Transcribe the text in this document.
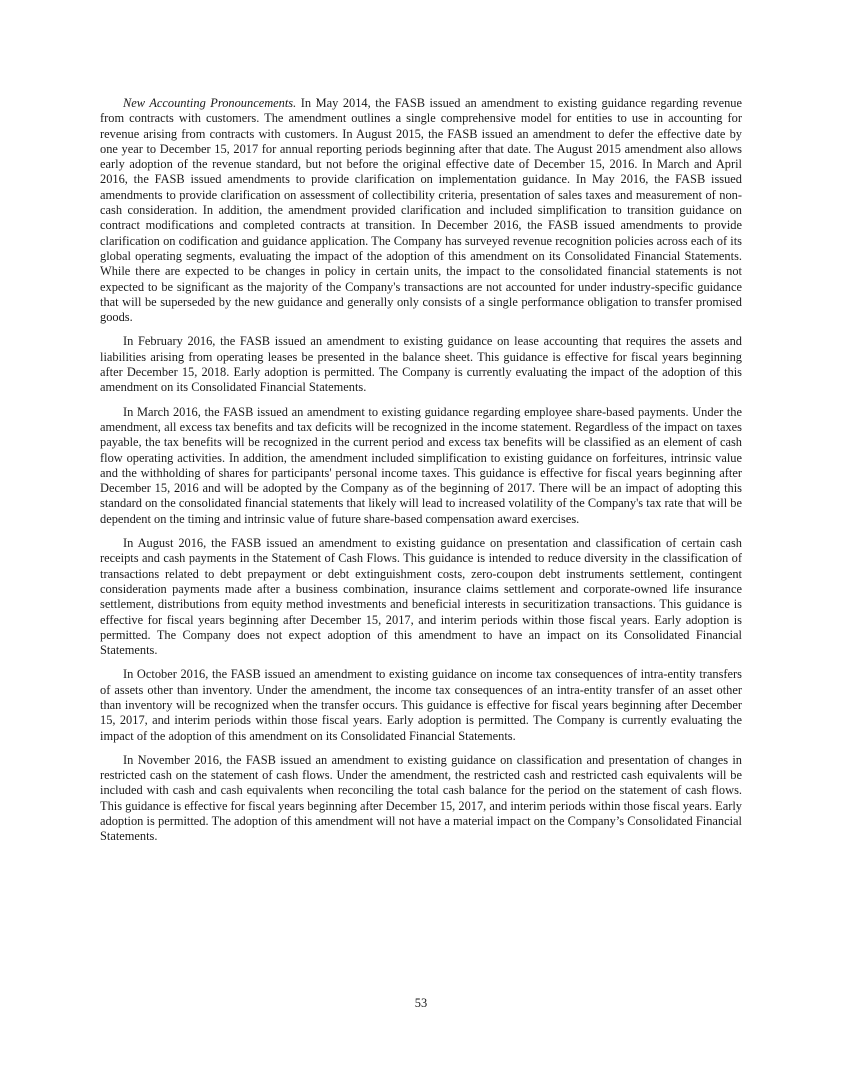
New Accounting Pronouncements. In May 2014, the FASB issued an amendment to existing guidance regarding revenue from contracts with customers. The amendment outlines a single comprehensive model for entities to use in accounting for revenue arising from contracts with customers. In August 2015, the FASB issued an amendment to defer the effective date by one year to December 15, 2017 for annual reporting periods beginning after that date. The August 2015 amendment also allows early adoption of the revenue standard, but not before the original effective date of December 15, 2016. In March and April 2016, the FASB issued amendments to provide clarification on implementation guidance. In May 2016, the FASB issued amendments to provide clarification on assessment of collectibility criteria, presentation of sales taxes and measurement of non-cash consideration. In addition, the amendment provided clarification and included simplification to transition guidance on contract modifications and completed contracts at transition. In December 2016, the FASB issued amendments to provide clarification on codification and guidance application. The Company has surveyed revenue recognition policies across each of its global operating segments, evaluating the impact of the adoption of this amendment on its Consolidated Financial Statements. While there are expected to be changes in policy in certain units, the impact to the consolidated financial statements is not expected to be significant as the majority of the Company's transactions are not accounted for under industry-specific guidance that will be superseded by the new guidance and generally only consists of a single performance obligation to transfer promised goods.

In February 2016, the FASB issued an amendment to existing guidance on lease accounting that requires the assets and liabilities arising from operating leases be presented in the balance sheet. This guidance is effective for fiscal years beginning after December 15, 2018. Early adoption is permitted. The Company is currently evaluating the impact of the adoption of this amendment on its Consolidated Financial Statements.

In March 2016, the FASB issued an amendment to existing guidance regarding employee share-based payments. Under the amendment, all excess tax benefits and tax deficits will be recognized in the income statement. Regardless of the impact on taxes payable, the tax benefits will be recognized in the current period and excess tax benefits will be classified as an element of cash flow operating activities. In addition, the amendment included simplification to existing guidance on forfeitures, intrinsic value and the withholding of shares for participants' personal income taxes. This guidance is effective for fiscal years beginning after December 15, 2016 and will be adopted by the Company as of the beginning of 2017. There will be an impact of adopting this standard on the consolidated financial statements that likely will lead to increased volatility of the Company's tax rate that will be dependent on the timing and intrinsic value of future share-based compensation award exercises.

In August 2016, the FASB issued an amendment to existing guidance on presentation and classification of certain cash receipts and cash payments in the Statement of Cash Flows. This guidance is intended to reduce diversity in the classification of transactions related to debt prepayment or debt extinguishment costs, zero-coupon debt instruments settlement, contingent consideration payments made after a business combination, insurance claims settlement and corporate-owned life insurance settlement, distributions from equity method investments and beneficial interests in securitization transactions. This guidance is effective for fiscal years beginning after December 15, 2017, and interim periods within those fiscal years. Early adoption is permitted. The Company does not expect adoption of this amendment to have an impact on its Consolidated Financial Statements.

In October 2016, the FASB issued an amendment to existing guidance on income tax consequences of intra-entity transfers of assets other than inventory. Under the amendment, the income tax consequences of an intra-entity transfer of an asset other than inventory will be recognized when the transfer occurs. This guidance is effective for fiscal years beginning after December 15, 2017, and interim periods within those fiscal years. Early adoption is permitted. The Company is currently evaluating the impact of the adoption of this amendment on its Consolidated Financial Statements.

In November 2016, the FASB issued an amendment to existing guidance on classification and presentation of changes in restricted cash on the statement of cash flows. Under the amendment, the restricted cash and restricted cash equivalents will be included with cash and cash equivalents when reconciling the total cash balance for the period on the statement of cash flows. This guidance is effective for fiscal years beginning after December 15, 2017, and interim periods within those fiscal years. Early adoption is permitted. The adoption of this amendment will not have a material impact on the Company’s Consolidated Financial Statements.

53
